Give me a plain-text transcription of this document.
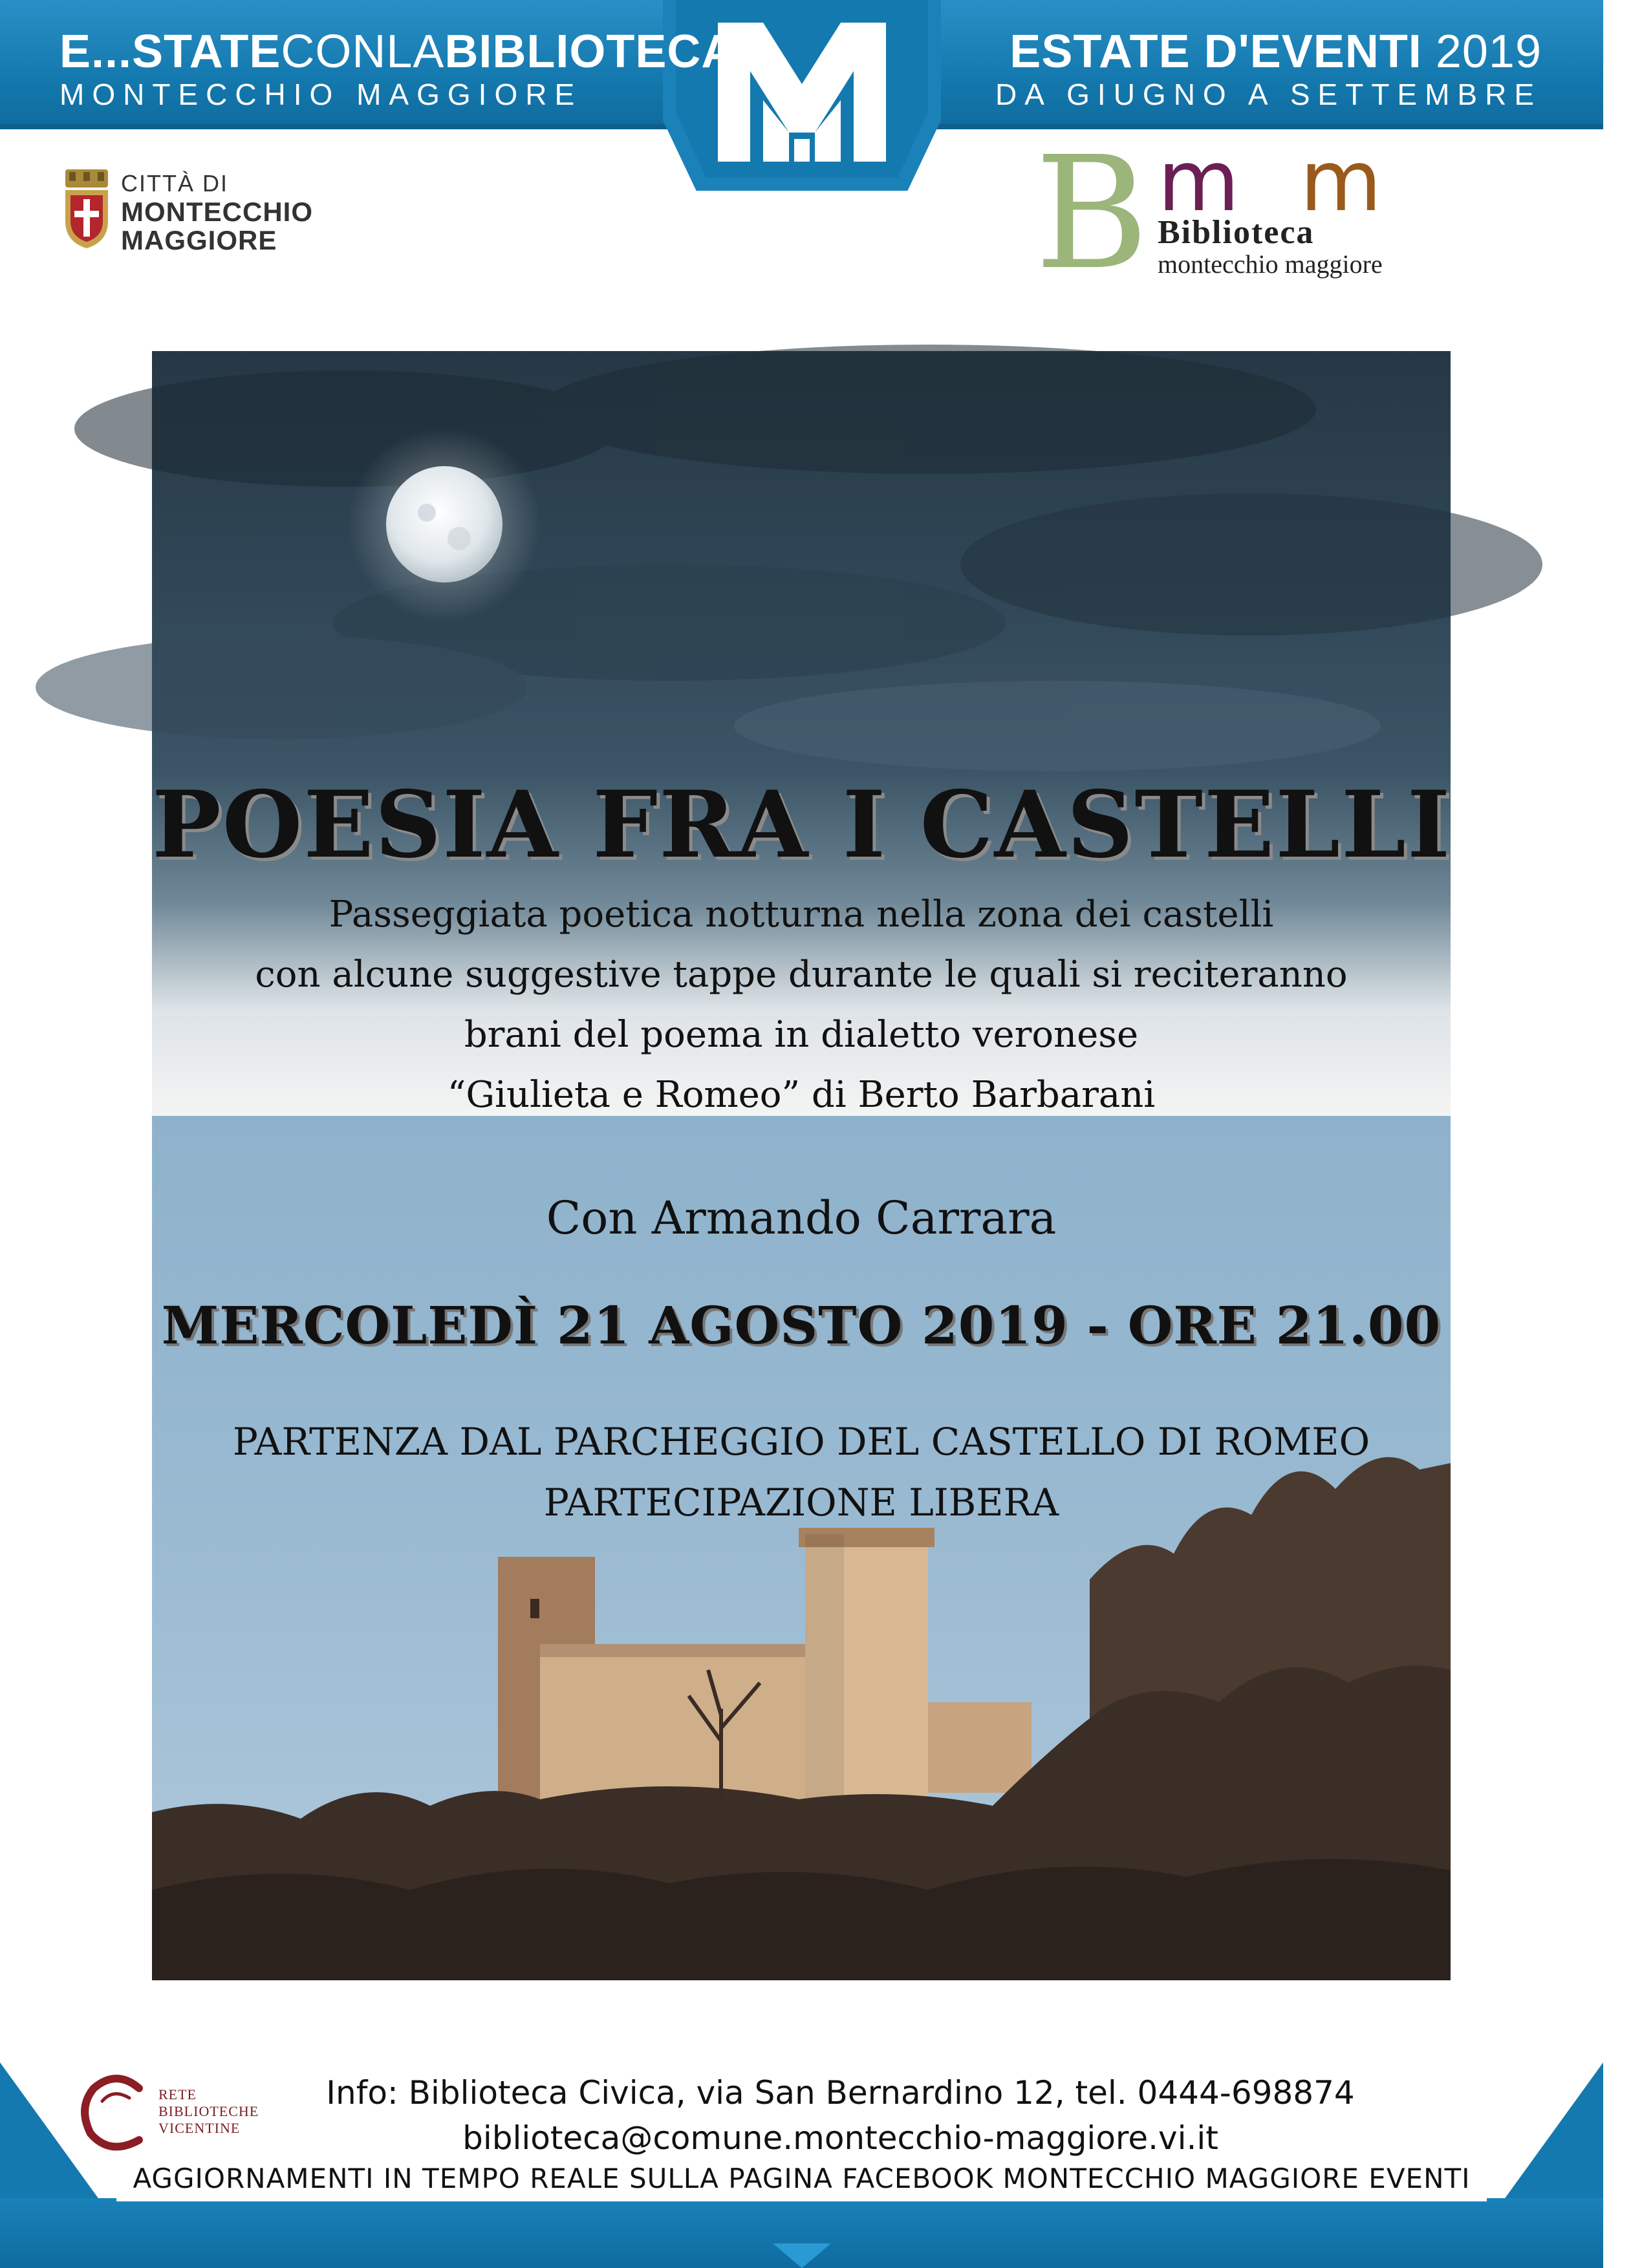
E...STATECONLABIBLIOTECA
MONTECCHIO MAGGIORE
ESTATE D'EVENTI 2019
DA GIUGNO A SETTEMBRE
CITTÀ DI
MONTECCHIO
MAGGIORE	B m m
Biblioteca
montecchio maggiore
POESIA FRA I CASTELLI
Passeggiata poetica notturna nella zona dei castelli
con alcune suggestive tappe durante le quali si reciteranno
brani del poema in dialetto veronese
“Giulieta e Romeo” di Berto Barbarani
Con Armando Carrara
MERCOLEDÌ 21 AGOSTO 2019 - ORE 21.00
PARTENZA DAL PARCHEGGIO DEL CASTELLO DI ROMEO
PARTECIPAZIONE LIBERA
RETE
BIBLIOTECHE
VICENTINE
Info: Biblioteca Civica, via San Bernardino 12, tel. 0444-698874
biblioteca@comune.montecchio-maggiore.vi.it
AGGIORNAMENTI IN TEMPO REALE SULLA PAGINA FACEBOOK MONTECCHIO MAGGIORE EVENTI
